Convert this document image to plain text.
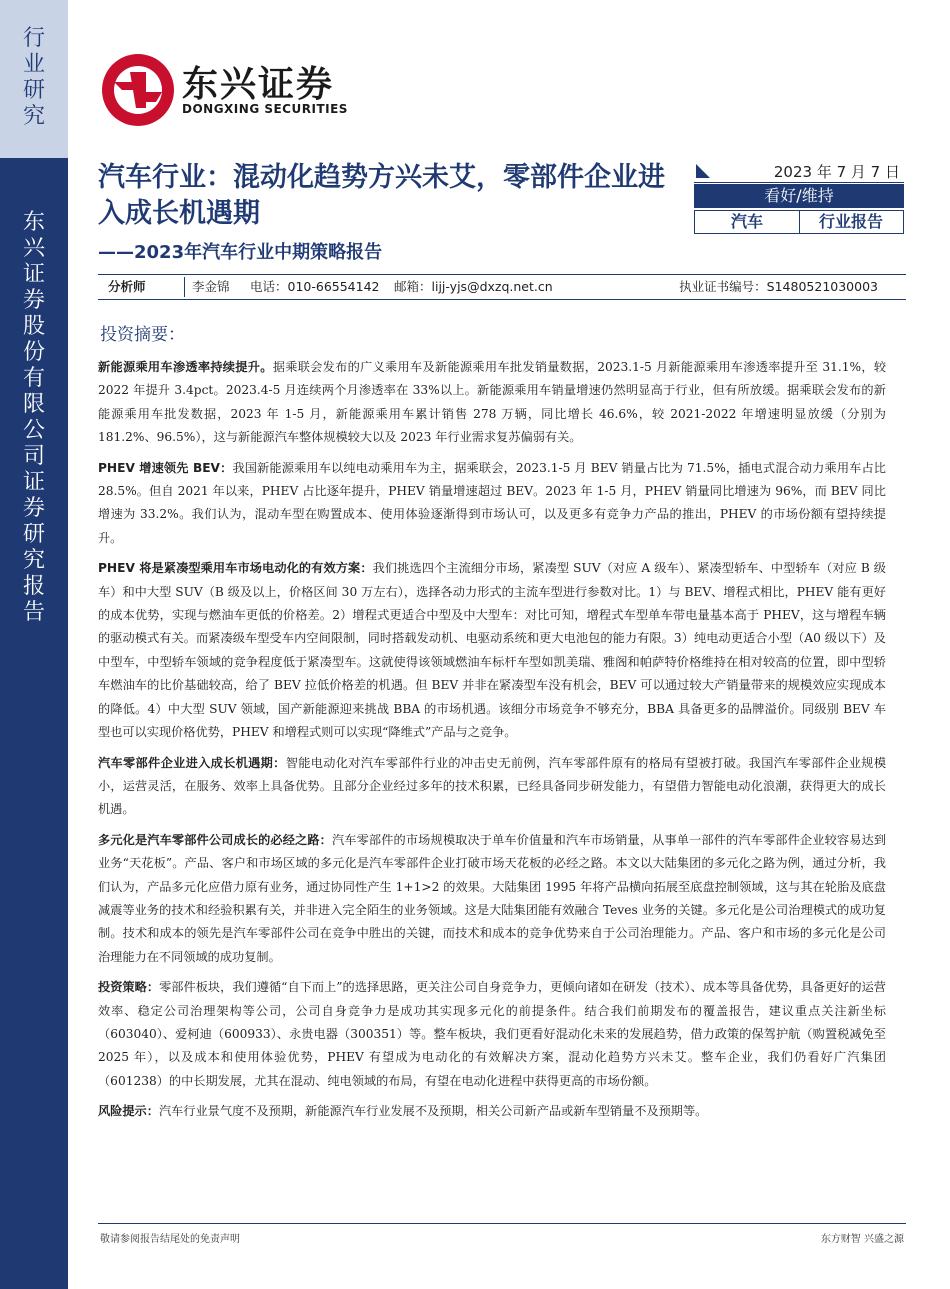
行业研究
东兴证券股份有限公司证券研究报告
东兴证券
DONGXING SECURITIES
汽车行业：混动化趋势方兴未艾，零部件企业进入成长机遇期
——2023年汽车行业中期策略报告
2023 年 7 月 7 日
看好/维持
汽车	行业报告
分析师	李金锦 电话：010-66554142 邮箱：lijj-yjs@dxzq.net.cn	执业证书编号：S1480521030003
投资摘要：

新能源乘用车渗透率持续提升。据乘联会发布的广义乘用车及新能源乘用车批发销量数据，2023.1-5 月新能源乘用车渗透率提升至 31.1%，较 2022 年提升 3.4pct。2023.4-5 月连续两个月渗透率在 33%以上。新能源乘用车销量增速仍然明显高于行业，但有所放缓。据乘联会发布的新能源乘用车批发数据，2023 年 1-5 月，新能源乘用车累计销售 278 万辆，同比增长 46.6%，较 2021-2022 年增速明显放缓（分别为 181.2%、96.5%），这与新能源汽车整体规模较大以及 2023 年行业需求复苏偏弱有关。

PHEV 增速领先 BEV：我国新能源乘用车以纯电动乘用车为主，据乘联会，2023.1-5 月 BEV 销量占比为 71.5%，插电式混合动力乘用车占比 28.5%。但自 2021 年以来，PHEV 占比逐年提升，PHEV 销量增速超过 BEV。2023 年 1-5 月，PHEV 销量同比增速为 96%，而 BEV 同比增速为 33.2%。我们认为，混动车型在购置成本、使用体验逐渐得到市场认可，以及更多有竞争力产品的推出，PHEV 的市场份额有望持续提升。

PHEV 将是紧凑型乘用车市场电动化的有效方案：我们挑选四个主流细分市场，紧凑型 SUV（对应 A 级车）、紧凑型轿车、中型轿车（对应 B 级车）和中大型 SUV（B 级及以上，价格区间 30 万左右），选择各动力形式的主流车型进行参数对比。1）与 BEV、增程式相比，PHEV 能有更好的成本优势，实现与燃油车更低的价格差。2）增程式更适合中型及中大型车：对比可知，增程式车型单车带电量基本高于 PHEV，这与增程车辆的驱动模式有关。而紧凑级车型受车内空间限制，同时搭载发动机、电驱动系统和更大电池包的能力有限。3）纯电动更适合小型（A0 级以下）及中型车，中型轿车领域的竞争程度低于紧凑型车。这就使得该领域燃油车标杆车型如凯美瑞、雅阁和帕萨特价格维持在相对较高的位置，即中型轿车燃油车的比价基础较高，给了 BEV 拉低价格差的机遇。但 BEV 并非在紧凑型车没有机会，BEV 可以通过较大产销量带来的规模效应实现成本的降低。4）中大型 SUV 领域，国产新能源迎来挑战 BBA 的市场机遇。该细分市场竞争不够充分，BBA 具备更多的品牌溢价。同级别 BEV 车型也可以实现价格优势，PHEV 和增程式则可以实现“降维式”产品与之竞争。

汽车零部件企业进入成长机遇期：智能电动化对汽车零部件行业的冲击史无前例，汽车零部件原有的格局有望被打破。我国汽车零部件企业规模小，运营灵活，在服务、效率上具备优势。且部分企业经过多年的技术积累，已经具备同步研发能力，有望借力智能电动化浪潮，获得更大的成长机遇。

多元化是汽车零部件公司成长的必经之路：汽车零部件的市场规模取决于单车价值量和汽车市场销量，从事单一部件的汽车零部件企业较容易达到业务“天花板”。产品、客户和市场区域的多元化是汽车零部件企业打破市场天花板的必经之路。本文以大陆集团的多元化之路为例，通过分析，我们认为，产品多元化应借力原有业务，通过协同性产生 1+1>2 的效果。大陆集团 1995 年将产品横向拓展至底盘控制领域，这与其在轮胎及底盘减震等业务的技术和经验积累有关，并非进入完全陌生的业务领域。这是大陆集团能有效融合 Teves 业务的关键。多元化是公司治理模式的成功复制。技术和成本的领先是汽车零部件公司在竞争中胜出的关键，而技术和成本的竞争优势来自于公司治理能力。产品、客户和市场的多元化是公司治理能力在不同领域的成功复制。

投资策略：零部件板块，我们遵循“自下而上”的选择思路，更关注公司自身竞争力，更倾向诸如在研发（技术）、成本等具备优势，具备更好的运营效率、稳定公司治理架构等公司，公司自身竞争力是成功其实现多元化的前提条件。结合我们前期发布的覆盖报告，建议重点关注新坐标（603040）、爱柯迪（600933）、永贵电器（300351）等。整车板块，我们更看好混动化未来的发展趋势，借力政策的保驾护航（购置税减免至 2025 年），以及成本和使用体验优势，PHEV 有望成为电动化的有效解决方案，混动化趋势方兴未艾。整车企业，我们仍看好广汽集团（601238）的中长期发展，尤其在混动、纯电领域的布局，有望在电动化进程中获得更高的市场份额。

风险提示：汽车行业景气度不及预期，新能源汽车行业发展不及预期，相关公司新产品或新车型销量不及预期等。

敬请参阅报告结尾处的免责声明	东方财智 兴盛之源
